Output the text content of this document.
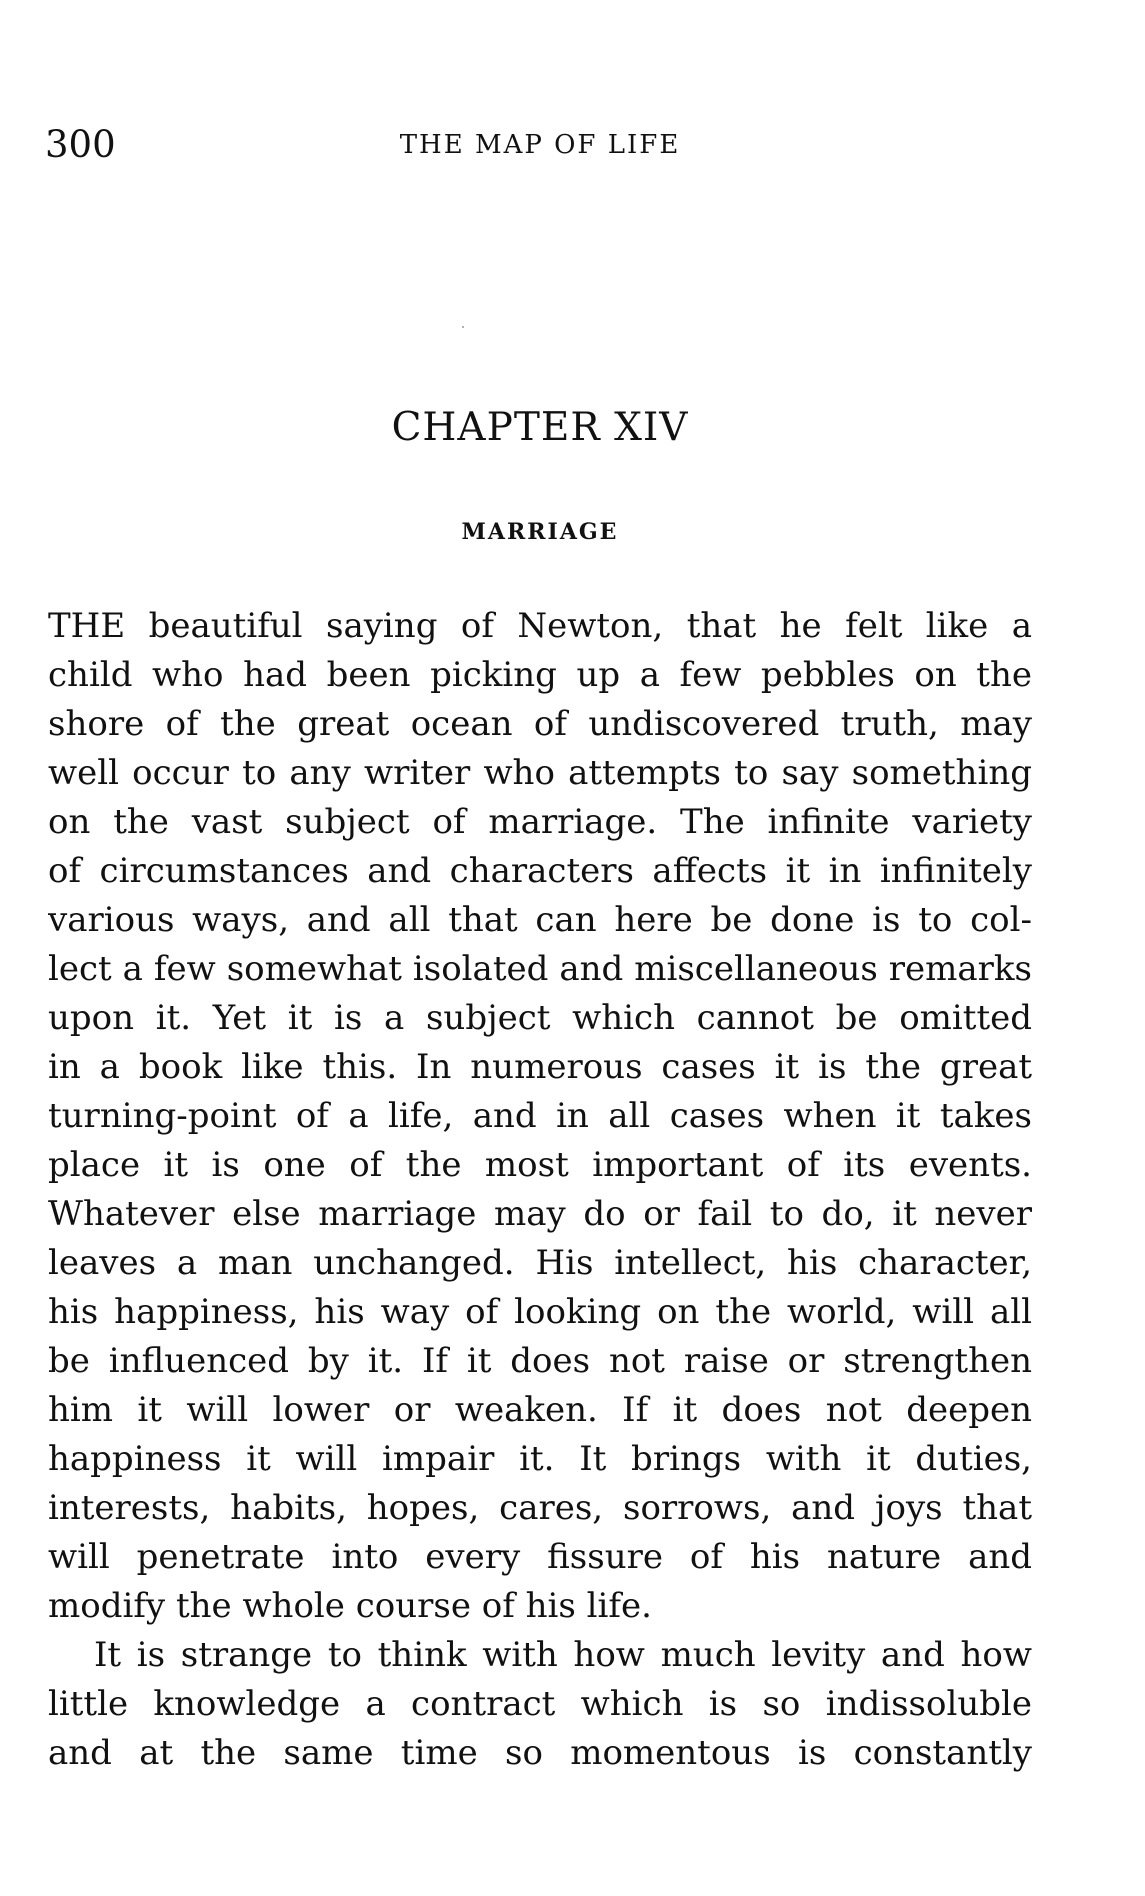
300	THE MAP OF LIFE
CHAPTER XIV
MARRIAGE
THE beautiful saying of Newton, that he felt like a
child who had been picking up a few pebbles on the
shore of the great ocean of undiscovered truth, may
well occur to any writer who attempts to say something
on the vast subject of marriage. The infinite variety
of circumstances and characters affects it in infinitely
various ways, and all that can here be done is to col-
lect a few somewhat isolated and miscellaneous remarks
upon it. Yet it is a subject which cannot be omitted
in a book like this. In numerous cases it is the great
turning-point of a life, and in all cases when it takes
place it is one of the most important of its events.
Whatever else marriage may do or fail to do, it never
leaves a man unchanged. His intellect, his character,
his happiness, his way of looking on the world, will all
be influenced by it. If it does not raise or strengthen
him it will lower or weaken. If it does not deepen
happiness it will impair it. It brings with it duties,
interests, habits, hopes, cares, sorrows, and joys that
will penetrate into every fissure of his nature and
modify the whole course of his life.
It is strange to think with how much levity and how
little knowledge a contract which is so indissoluble
and at the same time so momentous is constantly
